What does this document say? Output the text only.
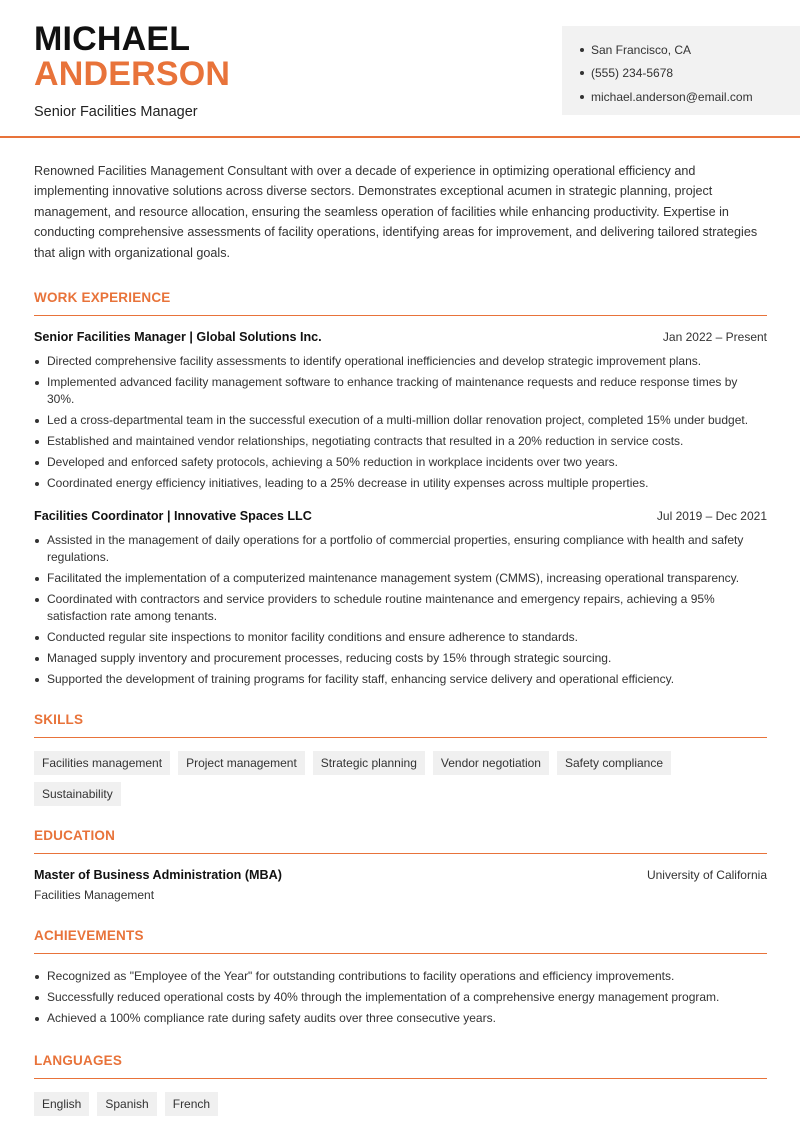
MICHAEL
ANDERSON
Senior Facilities Manager
San Francisco, CA
(555) 234-5678
michael.anderson@email.com

Renowned Facilities Management Consultant with over a decade of experience in optimizing operational efficiency and implementing innovative solutions across diverse sectors. Demonstrates exceptional acumen in strategic planning, project management, and resource allocation, ensuring the seamless operation of facilities while enhancing productivity. Expertise in conducting comprehensive assessments of facility operations, identifying areas for improvement, and delivering tailored strategies that align with organizational goals.

WORK EXPERIENCE
Senior Facilities Manager | Global Solutions Inc.	Jan 2022 – Present
Directed comprehensive facility assessments to identify operational inefficiencies and develop strategic improvement plans.
Implemented advanced facility management software to enhance tracking of maintenance requests and reduce response times by 30%.
Led a cross-departmental team in the successful execution of a multi-million dollar renovation project, completed 15% under budget.
Established and maintained vendor relationships, negotiating contracts that resulted in a 20% reduction in service costs.
Developed and enforced safety protocols, achieving a 50% reduction in workplace incidents over two years.
Coordinated energy efficiency initiatives, leading to a 25% decrease in utility expenses across multiple properties.
Facilities Coordinator | Innovative Spaces LLC	Jul 2019 – Dec 2021
Assisted in the management of daily operations for a portfolio of commercial properties, ensuring compliance with health and safety regulations.
Facilitated the implementation of a computerized maintenance management system (CMMS), increasing operational transparency.
Coordinated with contractors and service providers to schedule routine maintenance and emergency repairs, achieving a 95% satisfaction rate among tenants.
Conducted regular site inspections to monitor facility conditions and ensure adherence to standards.
Managed supply inventory and procurement processes, reducing costs by 15% through strategic sourcing.
Supported the development of training programs for facility staff, enhancing service delivery and operational efficiency.
SKILLS
Facilities management	Project management	Strategic planning	Vendor negotiation	Safety compliance
Sustainability
EDUCATION
Master of Business Administration (MBA)	University of California
Facilities Management
ACHIEVEMENTS
Recognized as "Employee of the Year" for outstanding contributions to facility operations and efficiency improvements.
Successfully reduced operational costs by 40% through the implementation of a comprehensive energy management program.
Achieved a 100% compliance rate during safety audits over three consecutive years.
LANGUAGES
English	Spanish	French
